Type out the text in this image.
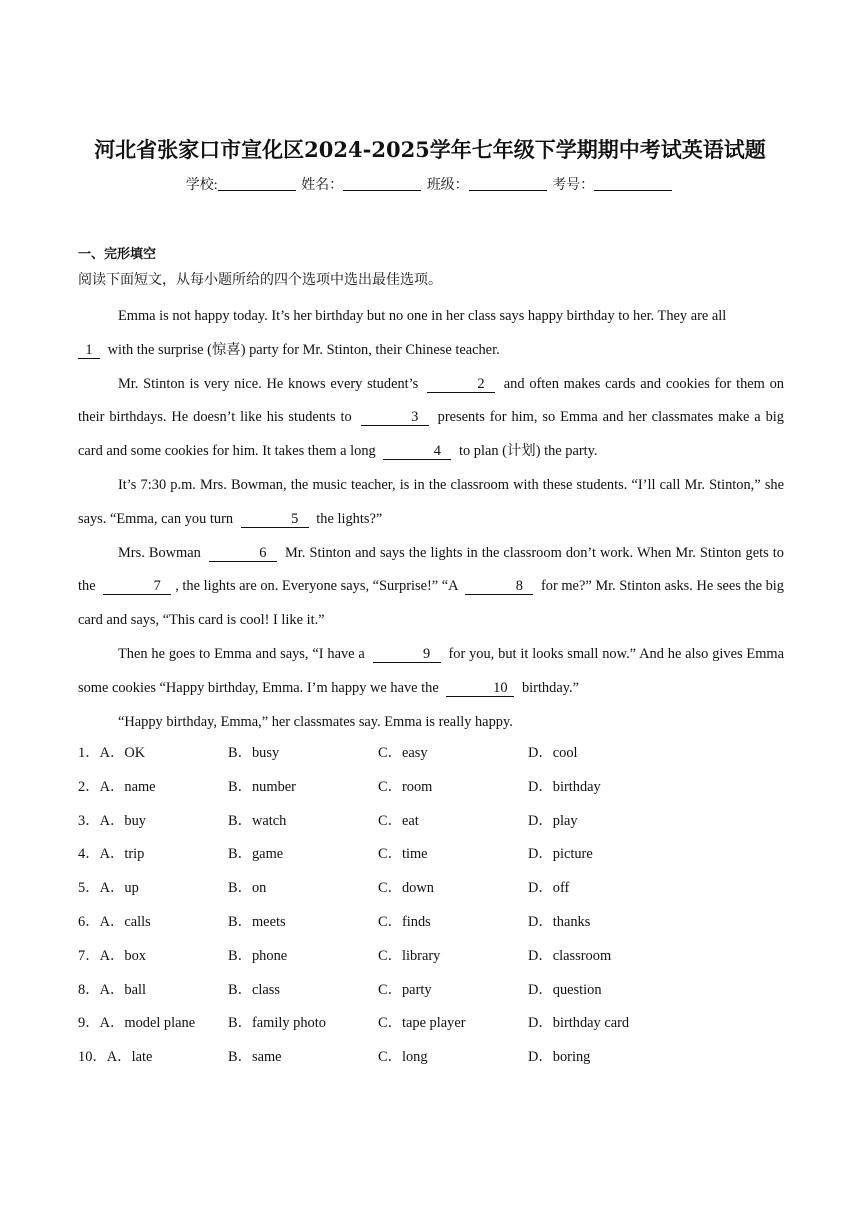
河北省张家口市宣化区2024-2025学年七年级下学期期中考试英语试题
学校:	姓名：	班级：	考号：
一、完形填空
阅读下面短文，从每小题所给的四个选项中选出最佳选项。

Emma is not happy today. It’s her birthday but no one in her class says happy birthday to her. They are all
1 with the surprise (惊喜) party for Mr. Stinton, their Chinese teacher.

Mr. Stinton is very nice. He knows every student’s	2 and often makes cards and cookies for them on their birthdays. He doesn’t like his students to	3 presents for him, so Emma and her classmates make a big card and some cookies for him. It takes them a long	4 to plan (计划) the party.

It’s 7:30 p.m. Mrs. Bowman, the music teacher, is in the classroom with these students. “I’ll call Mr. Stinton,” she says. “Emma, can you turn	5 the lights?”

Mrs. Bowman	6 Mr. Stinton and says the lights in the classroom don’t work. When Mr. Stinton gets to the	7 , the lights are on. Everyone says, “Surprise!” “A	8 for me?” Mr. Stinton asks. He sees the big card and says, “This card is cool! I like it.”

Then he goes to Emma and says, “I have a	9 for you, but it looks small now.” And he also gives Emma some cookies “Happy birthday, Emma. I’m happy we have the	10 birthday.”

“Happy birthday, Emma,” her classmates say. Emma is really happy.

1．A．OK	B．busy	C．easy	D．cool
2．A．name	B．number	C．room	D．birthday
3．A．buy	B．watch	C．eat	D．play
4．A．trip	B．game	C．time	D．picture
5．A．up	B．on	C．down	D．off
6．A．calls	B．meets	C．finds	D．thanks
7．A．box	B．phone	C．library	D．classroom
8．A．ball	B．class	C．party	D．question
9．A．model plane B．family photo	C．tape player	D．birthday card
10．A．late	B．same	C．long	D．boring
